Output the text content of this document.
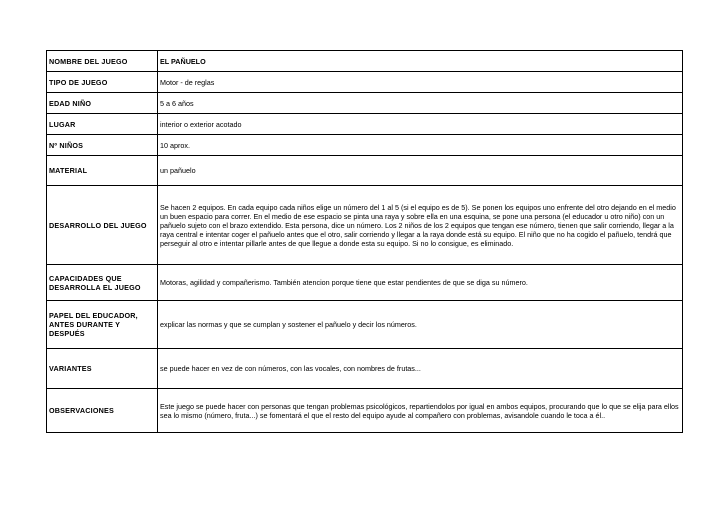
NOMBRE DEL JUEGO	EL PAÑUELO
TIPO DE JUEGO	Motor - de reglas
EDAD NIÑO	5 a 6 años
LUGAR	interior o exterior acotado
Nº NIÑOS	10 aprox.
MATERIAL	un pañuelo
DESARROLLO DEL JUEGO	Se hacen 2 equipos. En cada equipo cada niños elige un número del 1 al 5 (si el equipo es de 5). Se ponen los equipos uno enfrente del otro dejando en el medio un buen espacio para correr. En el medio de ese espacio se pinta una raya y sobre ella en una esquina, se pone una persona (el educador u otro niño) con un pañuelo sujeto con el brazo extendido. Esta persona, dice un número. Los 2 niños de los 2 equipos que tengan ese número, tienen que salir corriendo, llegar a la raya central e intentar coger el pañuelo antes que el otro, salir corriendo y llegar a la raya donde está su equipo. El niño que no ha cogido el pañuelo, tendrá que perseguir al otro e intentar pillarle antes de que llegue a donde esta su equipo. Si no lo consigue, es eliminado.
CAPACIDADES QUE DESARROLLA EL JUEGO	Motoras, agilidad y compañerismo. También atencion porque tiene que estar pendientes de que se diga su número.
PAPEL DEL EDUCADOR, ANTES DURANTE Y DESPUÉS	explicar las normas y que se cumplan y sostener el pañuelo y decir los números.
VARIANTES	se puede hacer en vez de con números, con las vocales, con nombres de frutas...
OBSERVACIONES	Este juego se puede hacer con personas que tengan problemas psicológicos, repartiendolos por igual en ambos equipos, procurando que lo que se elija para ellos sea lo mismo (número, fruta...) se fomentará el que el resto del equipo ayude al compañero con problemas, avisandole cuando le toca a él..
